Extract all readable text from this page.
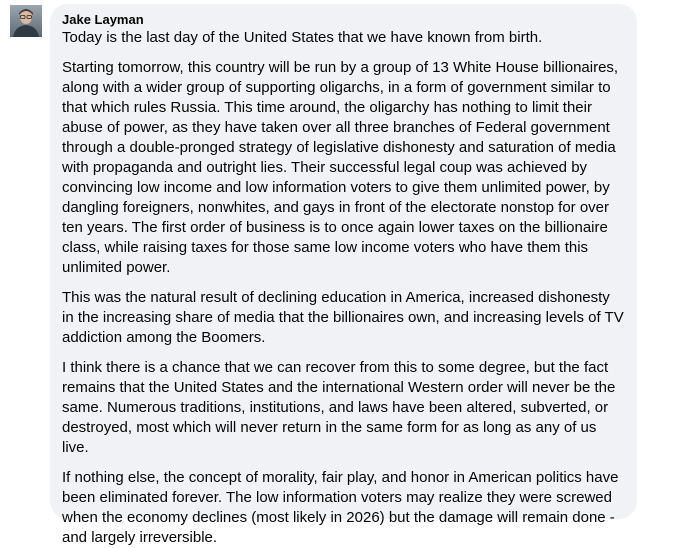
Jake Layman
Today is the last day of the United States that we have known from birth.
Starting tomorrow, this country will be run by a group of 13 White House billionaires, along with a wider group of supporting oligarchs, in a form of government similar to that which rules Russia. This time around, the oligarchy has nothing to limit their abuse of power, as they have taken over all three branches of Federal government through a double-pronged strategy of legislative dishonesty and saturation of media with propaganda and outright lies. Their successful legal coup was achieved by convincing low income and low information voters to give them unlimited power, by dangling foreigners, nonwhites, and gays in front of the electorate nonstop for over ten years. The first order of business is to once again lower taxes on the billionaire class, while raising taxes for those same low income voters who have them this unlimited power.
This was the natural result of declining education in America, increased dishonesty in the increasing share of media that the billionaires own, and increasing levels of TV addiction among the Boomers.
I think there is a chance that we can recover from this to some degree, but the fact remains that the United States and the international Western order will never be the same. Numerous traditions, institutions, and laws have been altered, subverted, or destroyed, most which will never return in the same form for as long as any of us live.
If nothing else, the concept of morality, fair play, and honor in American politics have been eliminated forever. The low information voters may realize they were screwed when the economy declines (most likely in 2026) but the damage will remain done - and largely irreversible.
